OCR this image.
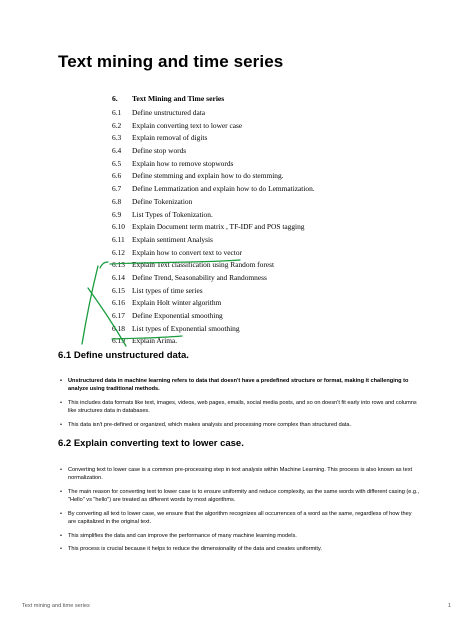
Text mining and time series
6. Text Mining and Time series
6.1 Define unstructured data
6.2 Explain converting text to lower case
6.3 Explain removal of digits
6.4 Define stop words
6.5 Explain how to remove stopwords
6.6 Define stemming and explain how to do stemming.
6.7 Define Lemmatization and explain how to do Lemmatization.
6.8 Define Tokenization
6.9 List Types of Tokenization.
6.10 Explain Document term matrix , TF-IDF and POS tagging
6.11 Explain sentiment Analysis
6.12 Explain how to convert text to vector
6.13 Explain Text classification using Random forest
6.14 Define Trend, Seasonability and Randomness
6.15 List types of time series
6.16 Explain Holt winter algorithm
6.17 Define Exponential smoothing
6.18 List types of Exponential smoothing
6.19 Explain Arima.
6.1 Define unstructured data.
• Unstructured data in machine learning refers to data that doesn't have a predefined structure or format, making it challenging to analyze using traditional methods.
• This includes data formats like text, images, videos, web pages, emails, social media posts, and so on doesn't fit early into rows and columns like structures data in databases.
• This data isn't pre-defined or organized, which makes analysis and processing more complex than structured data.
6.2 Explain converting text to lower case.
• Converting text to lower case is a common pre-processing step in text analysis within Machine Learning. This process is also known as text normalization.
• The main reason for converting text to lower case is to ensure uniformity and reduce complexity, as the same words with different casing (e.g., "Hello" vs "hello") are treated as different words by most algorithms.
• By converting all text to lower case, we ensure that the algorithm recognizes all occurrences of a word as the same, regardless of how they are capitalized in the original text.
• This simplifies the data and can improve the performance of many machine learning models.
• This process is crucial because it helps to reduce the dimensionality of the data and creates uniformity.
Text mining and time series	1
